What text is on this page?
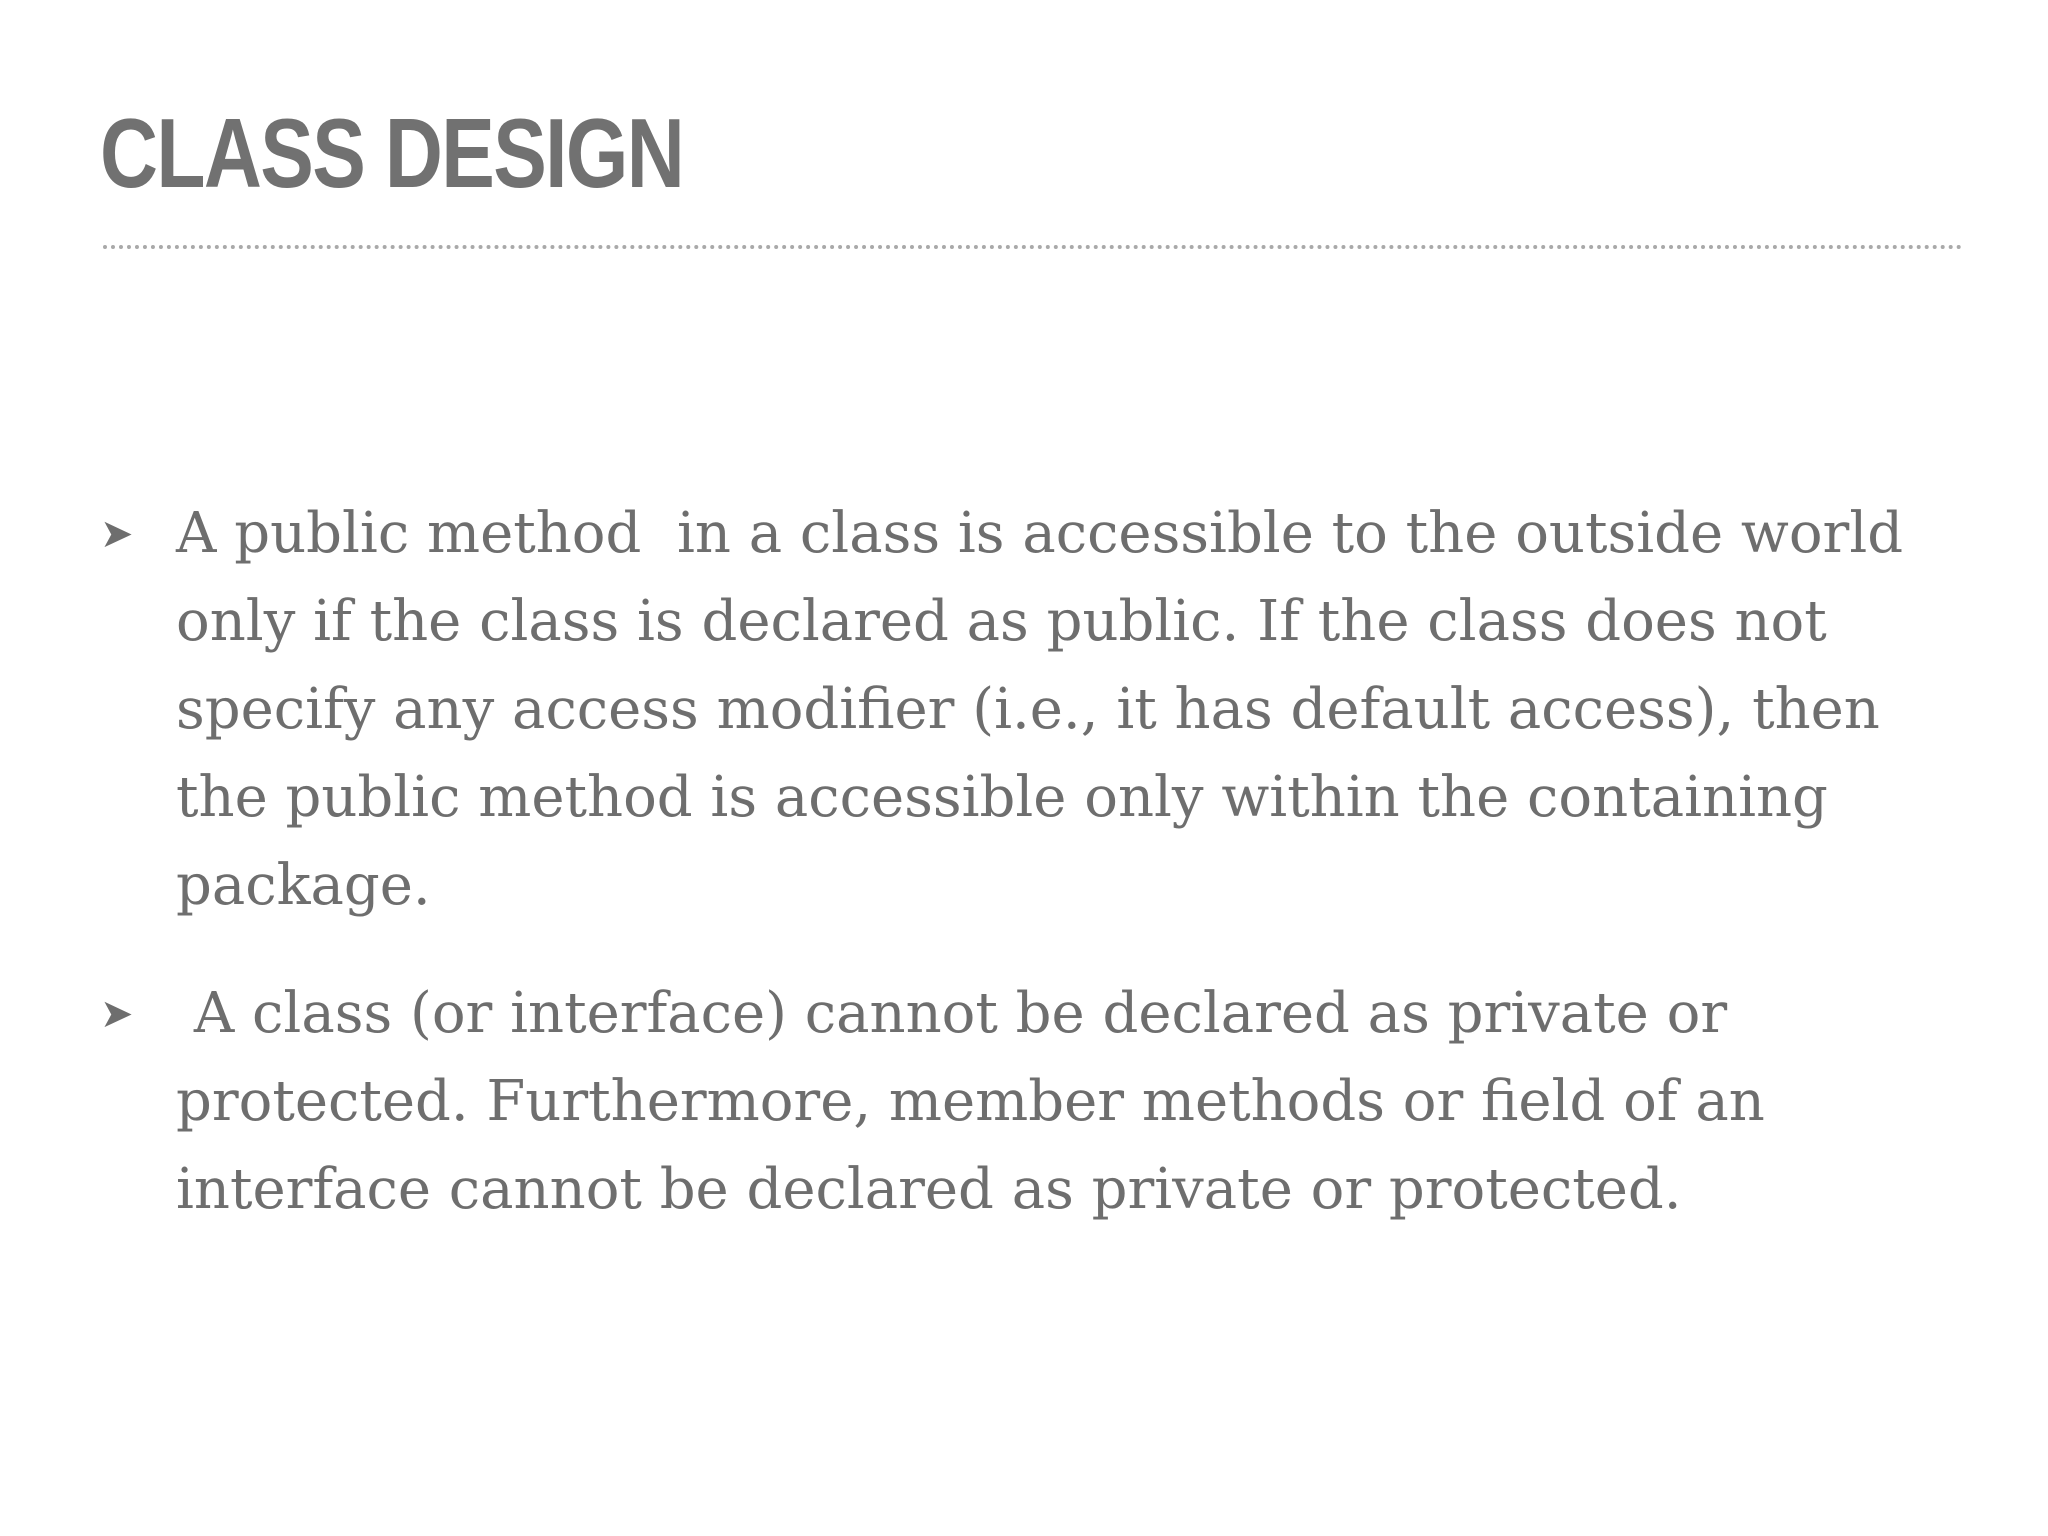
CLASS DESIGN
➤ A public method  in a class is accessible to the outside world only if the class is declared as public. If the class does not specify any access modifier (i.e., it has default access), then the public method is accessible only within the containing package.
➤ A class (or interface) cannot be declared as private or protected. Furthermore, member methods or field of an interface cannot be declared as private or protected.
